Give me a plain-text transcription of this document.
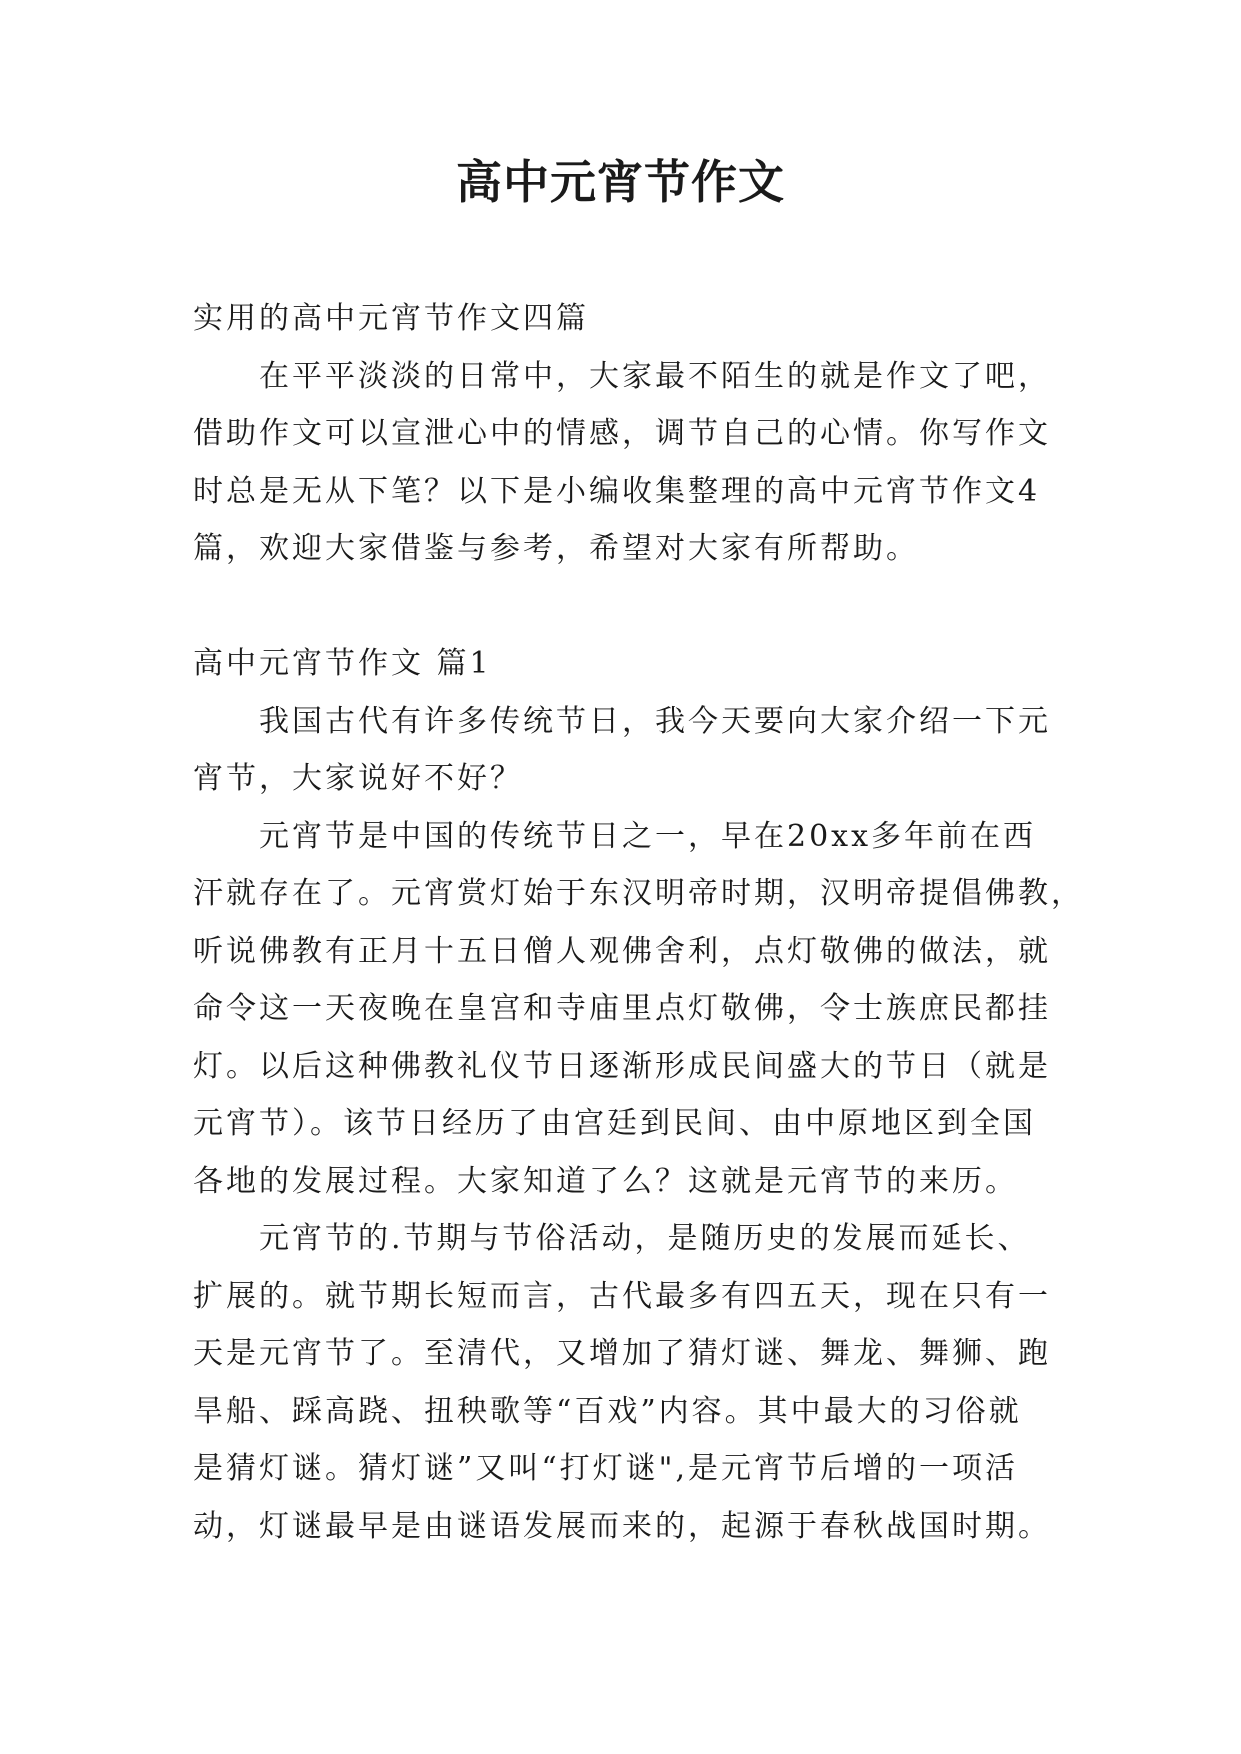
高中元宵节作文

实用的高中元宵节作文四篇

在平平淡淡的日常中，大家最不陌生的就是作文了吧，
借助作文可以宣泄心中的情感，调节自己的心情。你写作文
时总是无从下笔？以下是小编收集整理的高中元宵节作文4
篇，欢迎大家借鉴与参考，希望对大家有所帮助。

高中元宵节作文 篇1

我国古代有许多传统节日，我今天要向大家介绍一下元
宵节，大家说好不好？

元宵节是中国的传统节日之一，早在20xx多年前在西
汗就存在了。元宵赏灯始于东汉明帝时期，汉明帝提倡佛教，
听说佛教有正月十五日僧人观佛舍利，点灯敬佛的做法，就
命令这一天夜晚在皇宫和寺庙里点灯敬佛，令士族庶民都挂
灯。以后这种佛教礼仪节日逐渐形成民间盛大的节日（就是
元宵节）。该节日经历了由宫廷到民间、由中原地区到全国
各地的发展过程。大家知道了么？这就是元宵节的来历。

元宵节的.节期与节俗活动，是随历史的发展而延长、
扩展的。就节期长短而言，古代最多有四五天，现在只有一
天是元宵节了。至清代，又增加了猜灯谜、舞龙、舞狮、跑
旱船、踩高跷、扭秧歌等“百戏”内容。其中最大的习俗就
是猜灯谜。猜灯谜”又叫“打灯谜",是元宵节后增的一项活
动，灯谜最早是由谜语发展而来的，起源于春秋战国时期。
